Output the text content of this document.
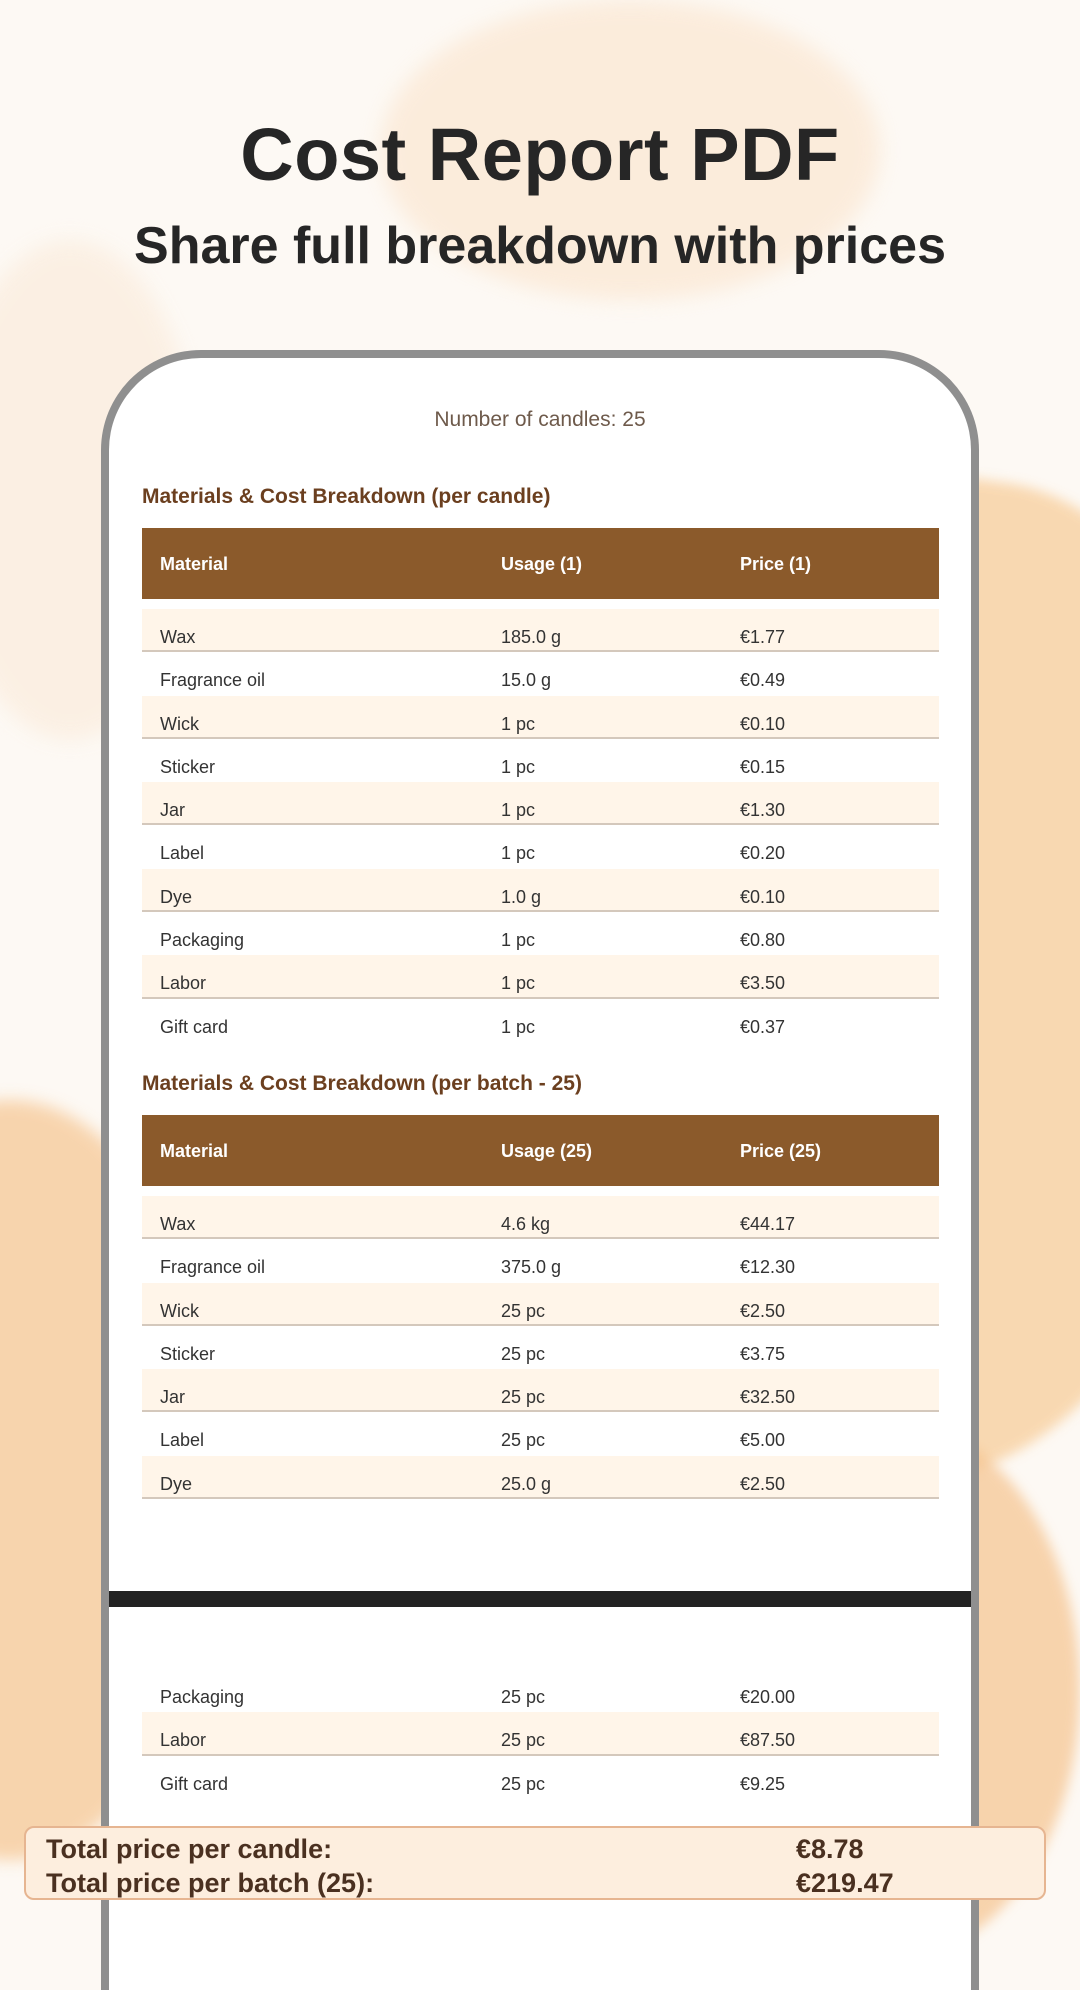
Cost Report PDF
Share full breakdown with prices
Number of candles: 25
Materials & Cost Breakdown (per candle)
Material	Usage (1)	Price (1)
Wax	185.0 g	€1.77
Fragrance oil	15.0 g	€0.49
Wick	1 pc	€0.10
Sticker	1 pc	€0.15
Jar	1 pc	€1.30
Label	1 pc	€0.20
Dye	1.0 g	€0.10
Packaging	1 pc	€0.80
Labor	1 pc	€3.50
Gift card	1 pc	€0.37
Materials & Cost Breakdown (per batch - 25)
Material	Usage (25)	Price (25)
Wax	4.6 kg	€44.17
Fragrance oil	375.0 g	€12.30
Wick	25 pc	€2.50
Sticker	25 pc	€3.75
Jar	25 pc	€32.50
Label	25 pc	€5.00
Dye	25.0 g	€2.50
Packaging	25 pc	€20.00
Labor	25 pc	€87.50
Gift card	25 pc	€9.25
Total price per candle:	€8.78
Total price per batch (25):	€219.47
